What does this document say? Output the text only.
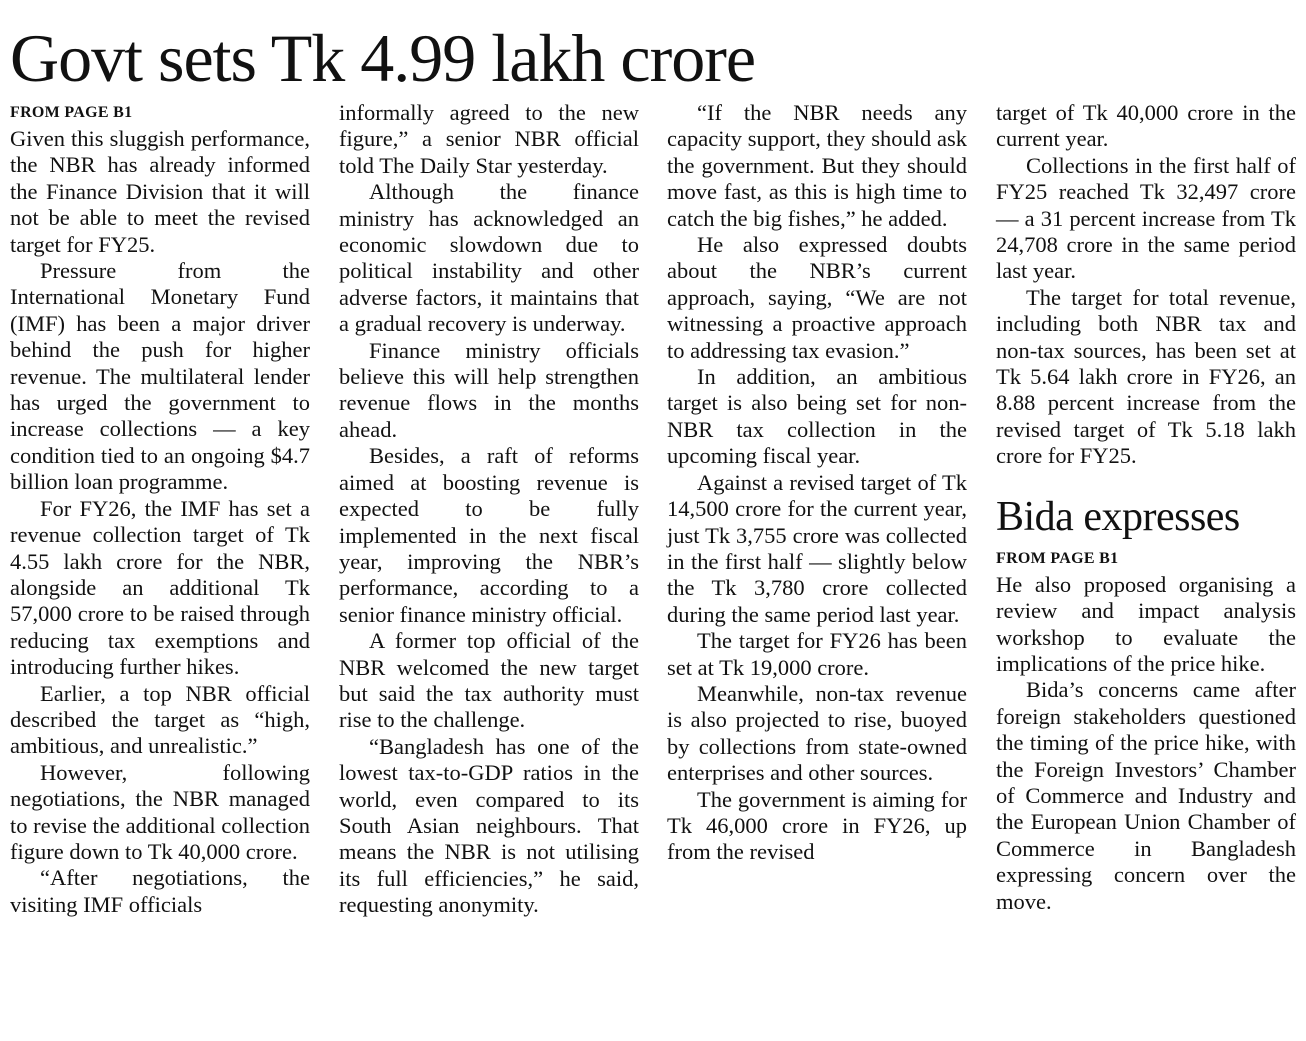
Govt sets Tk 4.99 lakh crore
FROM PAGE B1

Given this sluggish performance, the NBR has already informed the Finance Division that it will not be able to meet the revised target for FY25.

Pressure from the International Monetary Fund (IMF) has been a major driver behind the push for higher revenue. The multilateral lender has urged the government to increase collections — a key condition tied to an ongoing $4.7 billion loan programme.

For FY26, the IMF has set a revenue collection target of Tk 4.55 lakh crore for the NBR, alongside an additional Tk 57,000 crore to be raised through reducing tax exemptions and introducing further hikes.

Earlier, a top NBR official described the target as “high, ambitious, and unrealistic.”

However, following negotiations, the NBR managed to revise the additional collection figure down to Tk 40,000 crore.

“After negotiations, the visiting IMF officials

informally agreed to the new figure,” a senior NBR official told The Daily Star yesterday.

Although the finance ministry has acknowledged an economic slowdown due to political instability and other adverse factors, it maintains that a gradual recovery is underway.

Finance ministry officials believe this will help strengthen revenue flows in the months ahead.

Besides, a raft of reforms aimed at boosting revenue is expected to be fully implemented in the next fiscal year, improving the NBR’s performance, according to a senior finance ministry official.

A former top official of the NBR welcomed the new target but said the tax authority must rise to the challenge.

“Bangladesh has one of the lowest tax-to-GDP ratios in the world, even compared to its South Asian neighbours. That means the NBR is not utilising its full efficiencies,” he said, requesting anonymity.

“If the NBR needs any capacity support, they should ask the government. But they should move fast, as this is high time to catch the big fishes,” he added.

He also expressed doubts about the NBR’s current approach, saying, “We are not witnessing a proactive approach to addressing tax evasion.”

In addition, an ambitious target is also being set for non-NBR tax collection in the upcoming fiscal year.

Against a revised target of Tk 14,500 crore for the current year, just Tk 3,755 crore was collected in the first half — slightly below the Tk 3,780 crore collected during the same period last year.

The target for FY26 has been set at Tk 19,000 crore.

Meanwhile, non-tax revenue is also projected to rise, buoyed by collections from state-owned enterprises and other sources.

The government is aiming for Tk 46,000 crore in FY26, up from the revised

target of Tk 40,000 crore in the current year.

Collections in the first half of FY25 reached Tk 32,497 crore — a 31 percent increase from Tk 24,708 crore in the same period last year.

The target for total revenue, including both NBR tax and non-tax sources, has been set at Tk 5.64 lakh crore in FY26, an 8.88 percent increase from the revised target of Tk 5.18 lakh crore for FY25.

Bida expresses
FROM PAGE B1

He also proposed organising a review and impact analysis workshop to evaluate the implications of the price hike.

Bida’s concerns came after foreign stakeholders questioned the timing of the price hike, with the Foreign Investors’ Chamber of Commerce and Industry and the European Union Chamber of Commerce in Bangladesh expressing concern over the move.
